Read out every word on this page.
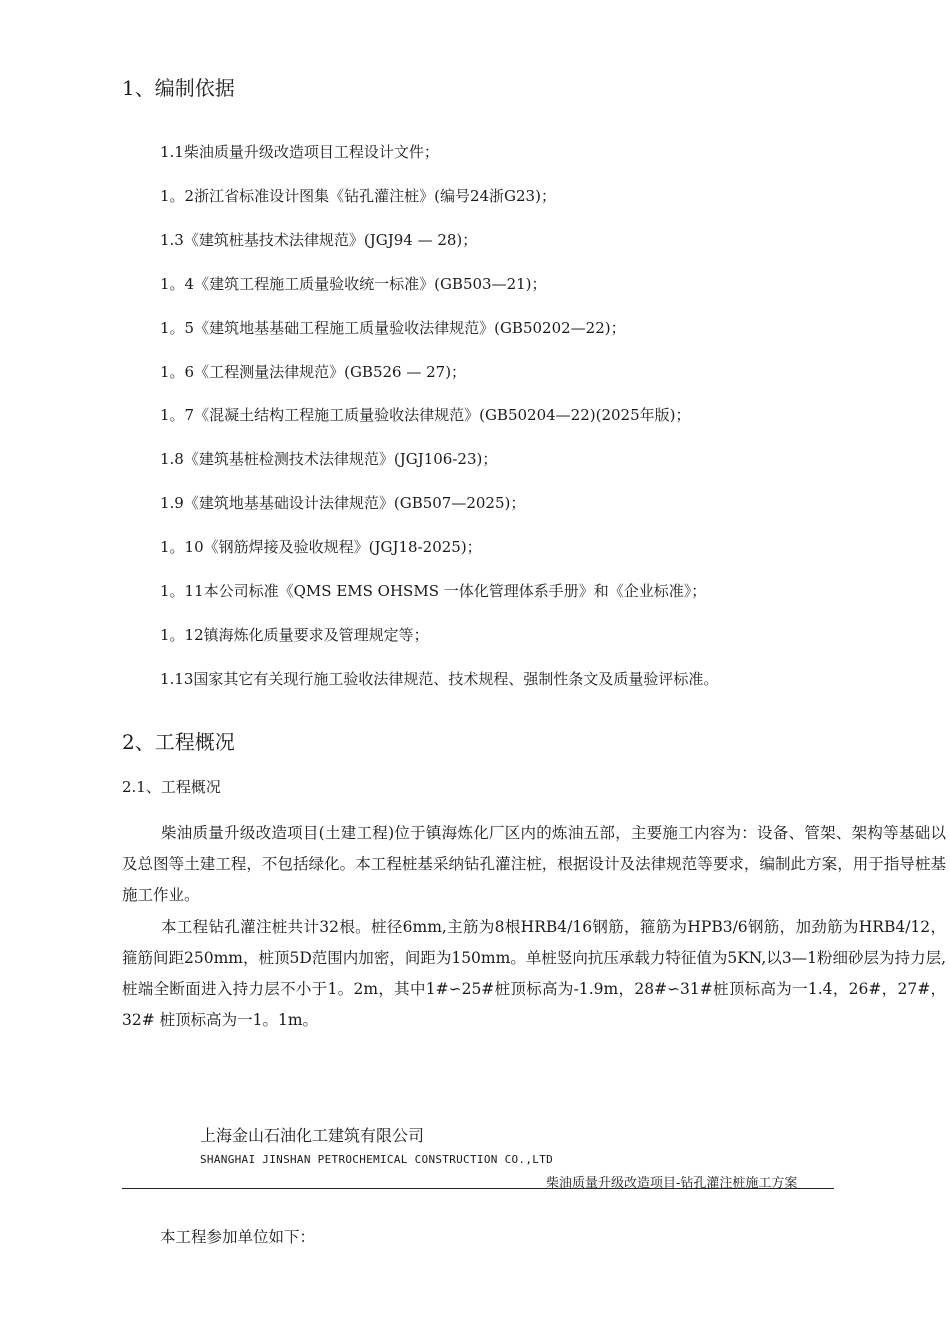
1、编制依据
1.1柴油质量升级改造项目工程设计文件；
1。2浙江省标准设计图集《钻孔灌注桩》(编号24浙G23)；
1.3《建筑桩基技术法律规范》(JGJ94 — 28)；
1。4《建筑工程施工质量验收统一标准》(GB503—21)；
1。5《建筑地基基础工程施工质量验收法律规范》(GB50202—22)；
1。6《工程测量法律规范》(GB526 — 27)；
1。7《混凝土结构工程施工质量验收法律规范》(GB50204—22)(2025年版)；
1.8《建筑基桩检测技术法律规范》(JGJ106-23)；
1.9《建筑地基基础设计法律规范》(GB507—2025)；
1。10《钢筋焊接及验收规程》(JGJ18-2025)；
1。11本公司标准《QMS EMS OHSMS 一体化管理体系手册》和《企业标准》；
1。12镇海炼化质量要求及管理规定等；
1.13国家其它有关现行施工验收法律规范、技术规程、强制性条文及质量验评标准。
2、工程概况
2.1、工程概况

柴油质量升级改造项目(土建工程)位于镇海炼化厂区内的炼油五部，主要施工内容为：设备、管架、架构等基础以及总图等土建工程，不包括绿化。本工程桩基采纳钻孔灌注桩，根据设计及法律规范等要求，编制此方案，用于指导桩基施工作业。

本工程钻孔灌注桩共计32根。桩径6mm,主筋为8根HRB4/16钢筋，箍筋为HPB3/6钢筋，加劲筋为HRB4/12，箍筋间距250mm，桩顶5D范围内加密，间距为150mm。单桩竖向抗压承载力特征值为5KN,以3—1粉细砂层为持力层,桩端全断面进入持力层不小于1。2m，其中1#∽25#桩顶标高为-1.9m，28#∽31#桩顶标高为一1.4，26#，27#，32# 桩顶标高为一1。1m。

上海金山石油化工建筑有限公司
SHANGHAI JINSHAN PETROCHEMICAL CONSTRUCTION CO.,LTD
柴油质量升级改造项目-钻孔灌注桩施工方案
本工程参加单位如下：
